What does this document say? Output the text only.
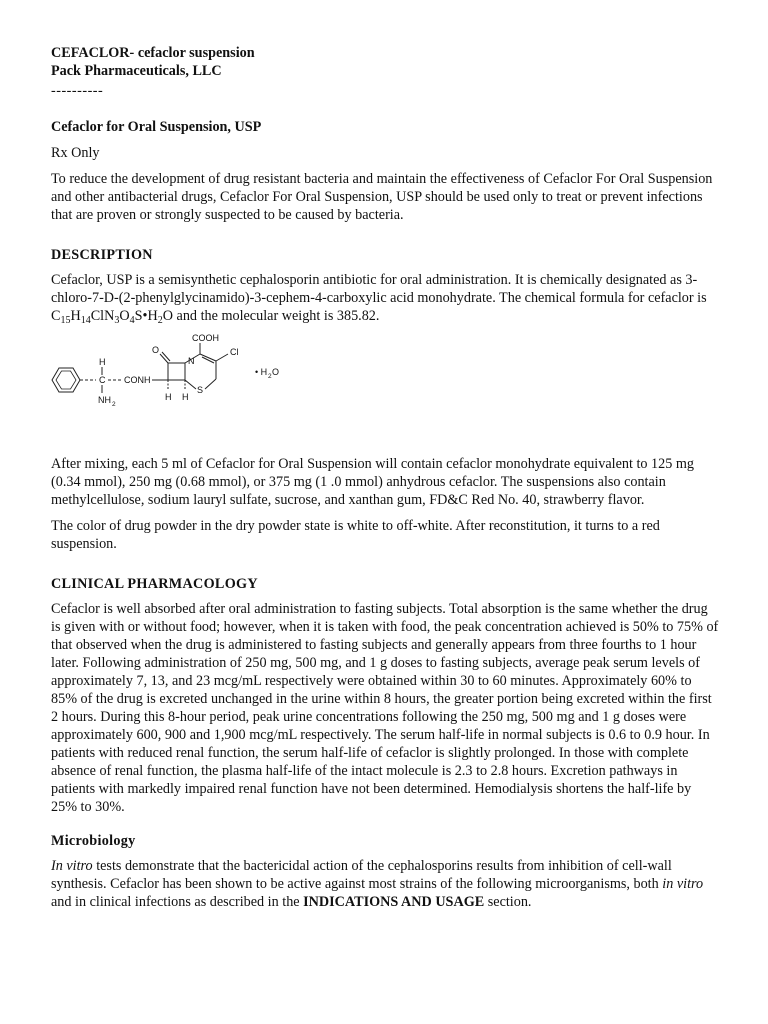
CEFACLOR- cefaclor suspension
Pack Pharmaceuticals, LLC
----------
Cefaclor for Oral Suspension, USP

Rx Only

To reduce the development of drug resistant bacteria and maintain the effectiveness of Cefaclor For Oral Suspension and other antibacterial drugs, Cefaclor For Oral Suspension, USP should be used only to treat or prevent infections that are proven or strongly suspected to be caused by bacteria.

DESCRIPTION

Cefaclor, USP is a semisynthetic cephalosporin antibiotic for oral administration. It is chemically designated as 3-chloro-7-D-(2-phenylglycinamido)-3-cephem-4-carboxylic acid monohydrate. The chemical formula for cefaclor is $C_{15}H_{14}ClN_3O_4S•H_2O$ and the molecular weight is 385.82.

COOH
O	Cl
N
S
H
C CONH
NH 2
H H
• H 2 O

After mixing, each 5 ml of Cefaclor for Oral Suspension will contain cefaclor monohydrate equivalent to 125 mg (0.34 mmol), 250 mg (0.68 mmol), or 375 mg (1 .0 mmol) anhydrous cefaclor. The suspensions also contain methylcellulose, sodium lauryl sulfate, sucrose, and xanthan gum, FD&C Red No. 40, strawberry flavor.

The color of drug powder in the dry powder state is white to off-white. After reconstitution, it turns to a red suspension.

CLINICAL PHARMACOLOGY

Cefaclor is well absorbed after oral administration to fasting subjects. Total absorption is the same whether the drug is given with or without food; however, when it is taken with food, the peak concentration achieved is 50% to 75% of that observed when the drug is administered to fasting subjects and generally appears from three fourths to 1 hour later. Following administration of 250 mg, 500 mg, and 1 g doses to fasting subjects, average peak serum levels of approximately 7, 13, and 23 mcg/mL respectively were obtained within 30 to 60 minutes. Approximately 60% to 85% of the drug is excreted unchanged in the urine within 8 hours, the greater portion being excreted within the first 2 hours. During this 8-hour period, peak urine concentrations following the 250 mg, 500 mg and 1 g doses were approximately 600, 900 and 1,900 mcg/mL respectively. The serum half-life in normal subjects is 0.6 to 0.9 hour. In patients with reduced renal function, the serum half-life of cefaclor is slightly prolonged. In those with complete absence of renal function, the plasma half-life of the intact molecule is 2.3 to 2.8 hours. Excretion pathways in patients with markedly impaired renal function have not been determined. Hemodialysis shortens the half-life by 25% to 30%.

Microbiology

In vitro tests demonstrate that the bactericidal action of the cephalosporins results from inhibition of cell-wall synthesis. Cefaclor has been shown to be active against most strains of the following microorganisms, both in vitro and in clinical infections as described in the INDICATIONS AND USAGE section.
